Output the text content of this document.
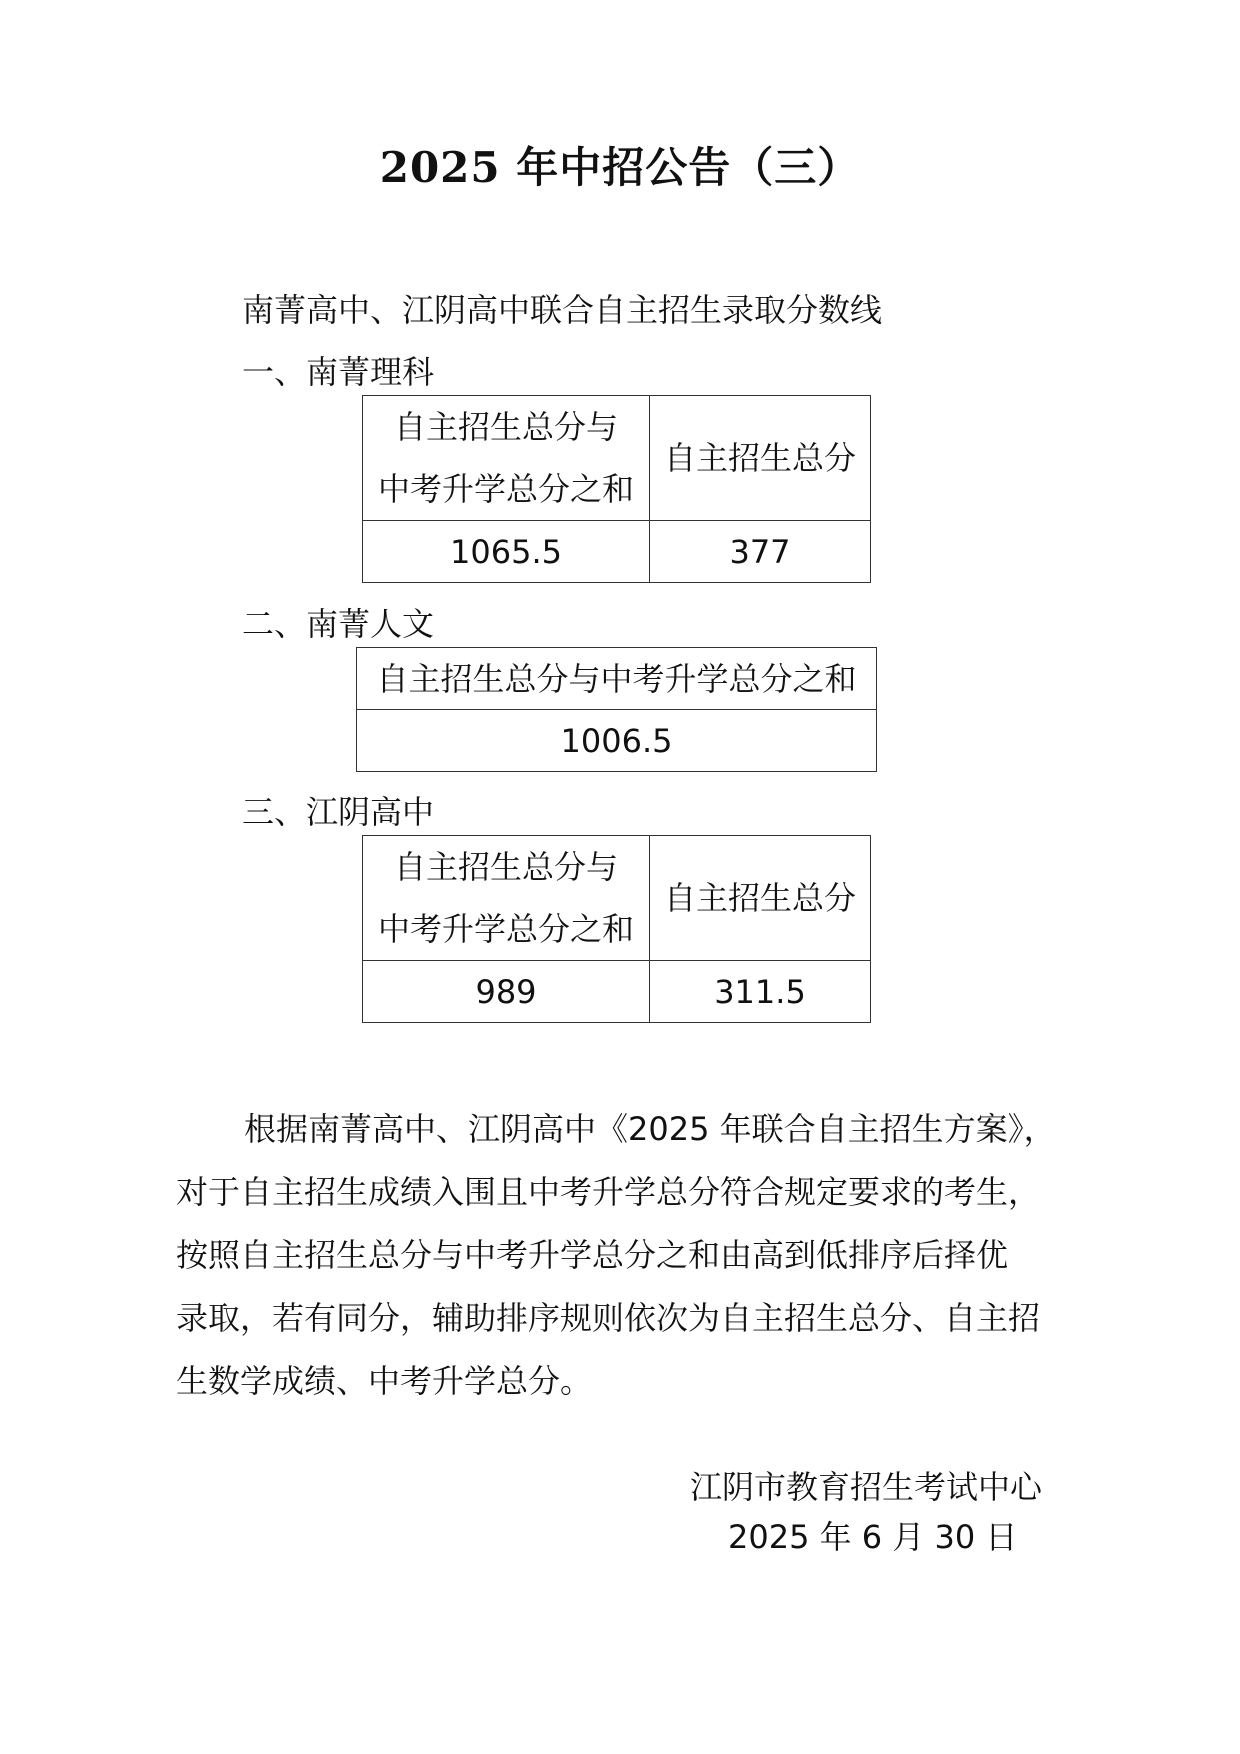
2025 年中招公告（三）
南菁高中、江阴高中联合自主招生录取分数线
一、南菁理科
自主招生总分与
中考升学总分之和	自主招生总分
1065.5	377
二、南菁人文
自主招生总分与中考升学总分之和
1006.5
三、江阴高中
自主招生总分与
中考升学总分之和	自主招生总分
989	311.5
根据南菁高中、江阴高中《2025 年联合自主招生方案》，
对于自主招生成绩入围且中考升学总分符合规定要求的考生，
按照自主招生总分与中考升学总分之和由高到低排序后择优
录取，若有同分，辅助排序规则依次为自主招生总分、自主招
生数学成绩、中考升学总分。
江阴市教育招生考试中心
2025 年 6 月 30 日
